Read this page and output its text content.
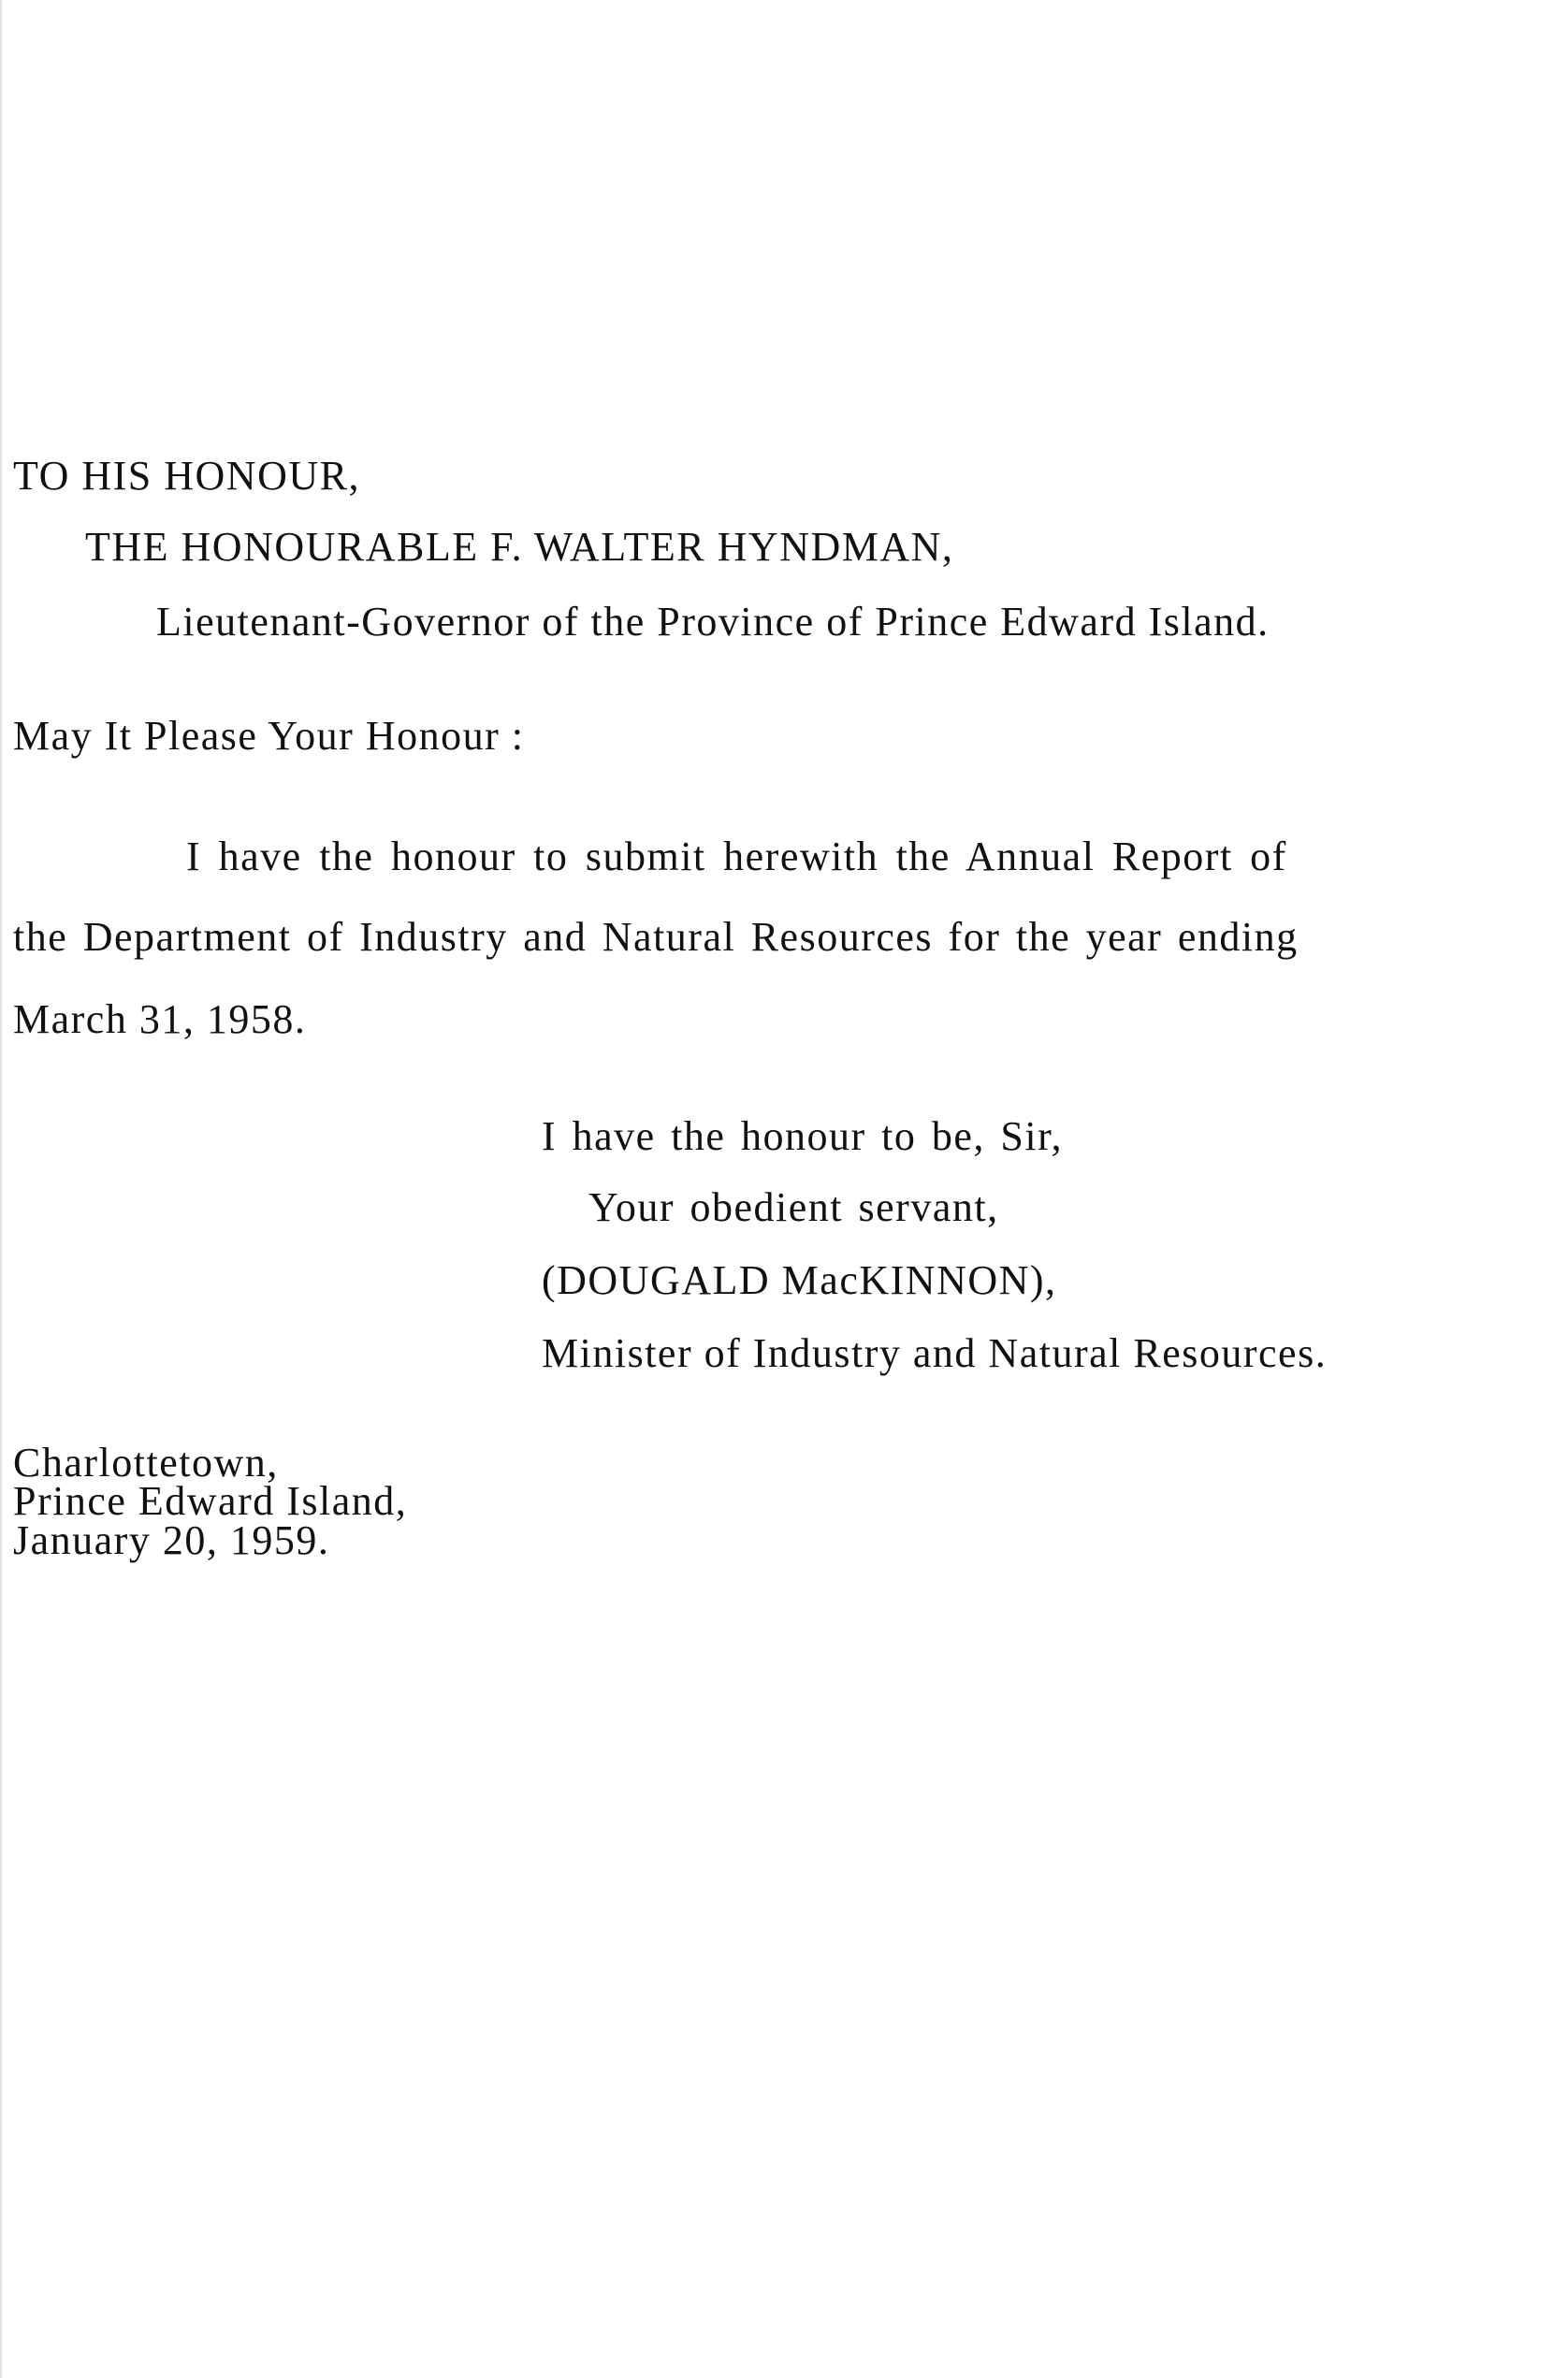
TO HIS HONOUR,
THE HONOURABLE F. WALTER HYNDMAN,
Lieutenant-Governor of the Province of Prince Edward Island.
May It Please Your Honour :
I have the honour to submit herewith the Annual Report of
the Department of Industry and Natural Resources for the year ending
March 31, 1958.
I have the honour to be, Sir,
Your obedient servant,
(DOUGALD MacKINNON),
Minister of Industry and Natural Resources.
Charlottetown,
Prince Edward Island,
January 20, 1959.
